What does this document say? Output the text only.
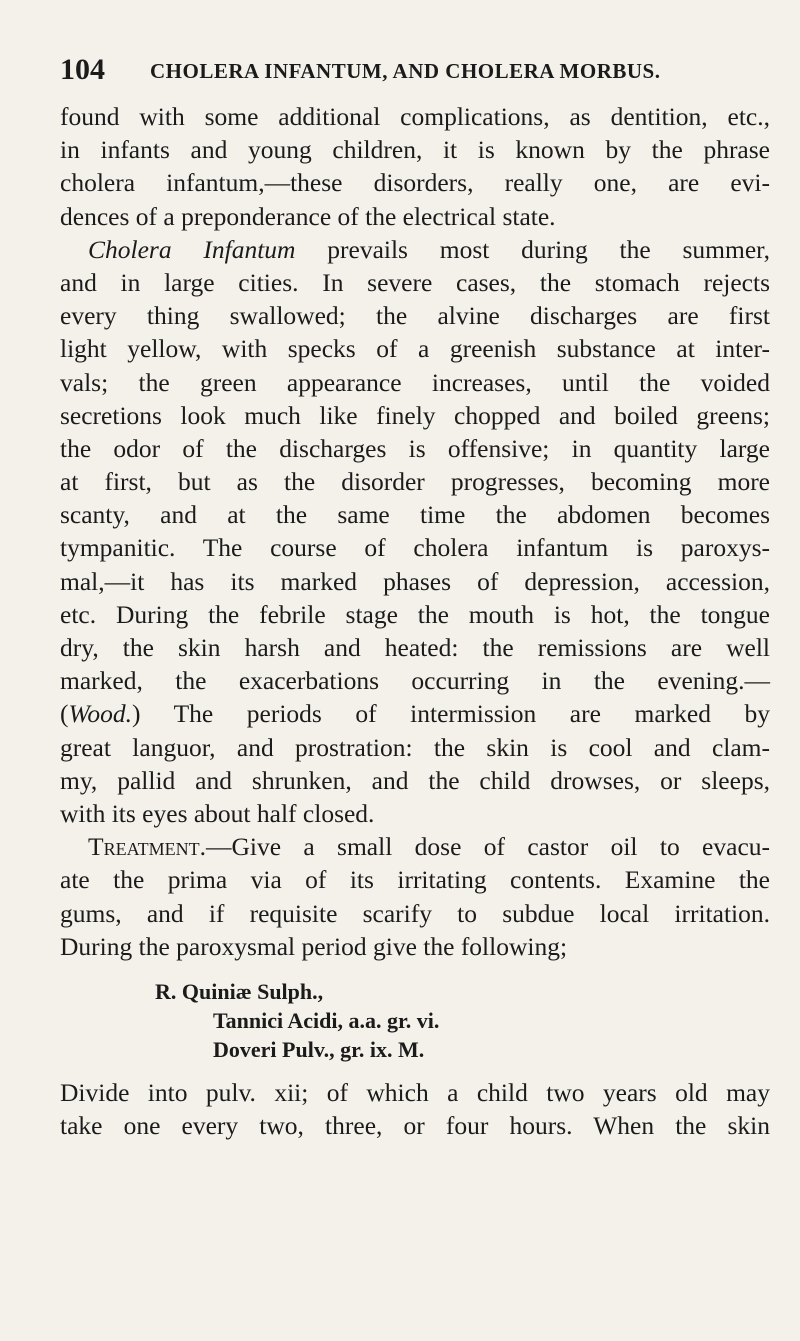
104 CHOLERA INFANTUM, AND CHOLERA MORBUS.
found with some additional complications, as dentition, etc.,
in infants and young children, it is known by the phrase
cholera infantum,—these disorders, really one, are evi-
dences of a preponderance of the electrical state.
Cholera Infantum prevails most during the summer,
and in large cities. In severe cases, the stomach rejects
every thing swallowed; the alvine discharges are first
light yellow, with specks of a greenish substance at inter-
vals; the green appearance increases, until the voided
secretions look much like finely chopped and boiled greens;
the odor of the discharges is offensive; in quantity large
at first, but as the disorder progresses, becoming more
scanty, and at the same time the abdomen becomes
tympanitic. The course of cholera infantum is paroxys-
mal,—it has its marked phases of depression, accession,
etc. During the febrile stage the mouth is hot, the tongue
dry, the skin harsh and heated: the remissions are well
marked, the exacerbations occurring in the evening.—
(Wood.) The periods of intermission are marked by
great languor, and prostration: the skin is cool and clam-
my, pallid and shrunken, and the child drowses, or sleeps,
with its eyes about half closed.
Treatment.—Give a small dose of castor oil to evacu-
ate the prima via of its irritating contents. Examine the
gums, and if requisite scarify to subdue local irritation.
During the paroxysmal period give the following;
R. Quiniæ Sulph.,
Tannici Acidi, a.a. gr. vi.
Doveri Pulv., gr. ix. M.
Divide into pulv. xii; of which a child two years old may
take one every two, three, or four hours. When the skin
